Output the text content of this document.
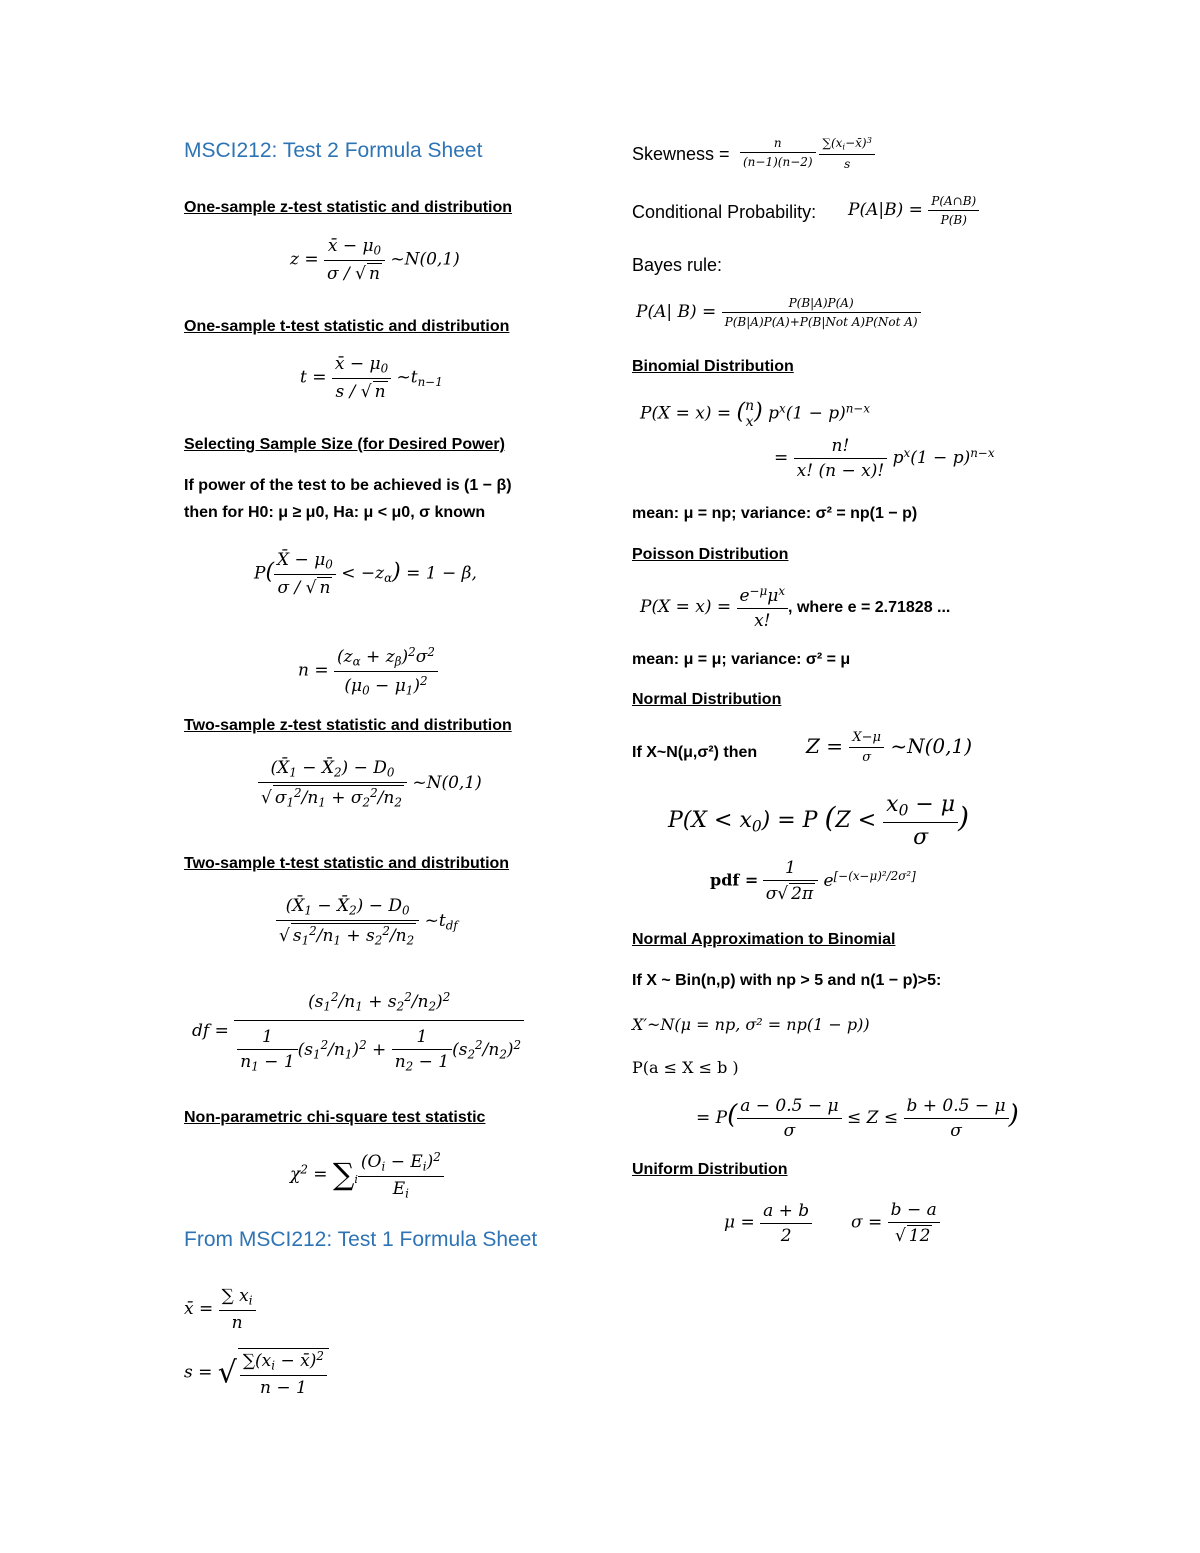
MSCI212: Test 2 Formula Sheet
One-sample z-test statistic and distribution
$z = \frac{x̄ - \mu_0}{\sigma / √ n}$ ~N(0,1)
One-sample t-test statistic and distribution
$t = \frac{x̄ - \mu_0}{s / √ n}$ $\sim t_{n-1}$
Selecting Sample Size (for Desired Power)
If power of the test to be achieved is (1 − β)
then for H0: μ ≥ μ0, Ha: μ < μ0, σ known
$P( \frac{X̄ - \mu_0}{\sigma / √ n} < -z_\alpha) = 1 - \beta$,
$n = \frac{(z_\alpha + z_\beta)^2\sigma^2}{(\mu_0 - \mu_1)^2}$
Two-sample z-test statistic and distribution
$\frac{(X̄_1 - X̄_2) - D_0}{√ \sigma_1^2/n_1 + \sigma_2^2/n_2}$ ~N(0,1)
Two-sample t-test statistic and distribution
$\frac{(X̄_1 - X̄_2) - D_0}{√ s_1^2/n_1 + s_2^2/n_2}$ $\sim t_{df}$
df = $\frac{(s_1^2/n_1 + s_2^2/n_2)^2}{\frac{1}{n_1 - 1} (s_1^2/n_1)^2 + \frac{1}{n_2 - 1} (s_2^2/n_2)^2}$
Non-parametric chi-square test statistic
$\chi^2 = \sum_i \frac{(O_i - E_i)^2}{E_i}$
From MSCI212: Test 1 Formula Sheet
x̄ = $\frac{\sum x_i}{n}$
s = √ $\frac{\sum(x_i - x̄)^2}{n - 1}$
Skewness = $\frac{n}{(n-1)(n-2)}$
$\frac{\sum(x_i-x̄)^3}{s}$
Conditional Probability: $P(A|B) = \frac{P(A\cap B)}{P(B)}$
Bayes rule:
P(A| $B) = \frac{P(B|A)P(A)}{\text{P(B|A)P(A)+P(B|Not A)P(Not A)}}$
Binomial Distribution
P(X = x) = ( n
x ) $p^x(1 - p)^{n-x}$
= $\frac{n!}{x! (n - x)!} p^x(1 - p)^{n-x}$
mean: μ = np; variance: σ² = np(1 − p)
Poisson Distribution
$P(X = x) = \frac{e^{-\mu}\mu^x}{x!}$ , where e = 2.71828 ...
mean: μ = μ; variance: σ² = μ
Normal Distribution
If X~N(μ,σ²) then $Z = \frac{X-\mu}{\sigma}$ ~N(0,1)
$P(X < x_0) = P$ ($Z < \frac{x_0 - \mu}{\sigma}$ )
pdf = $\frac{1}{\sigma√ 2\pi} e[-(x-\mu)^2/2\sigma^2]$
Normal Approximation to Binomial
If X ~ Bin(n,p) with np > 5 and n(1 − p)>5:
X′~N(μ = np, σ² = np(1 − p))
P(a ≤ X ≤ b )
= $P( \frac{a - 0.5 - \mu}{\sigma} \le Z \le \frac{b + 0.5 - \mu}{\sigma}$ )
Uniform Distribution
$\mu = \frac{a + b}{2}$ $\sigma = \frac{b - a}{√ 12}$
